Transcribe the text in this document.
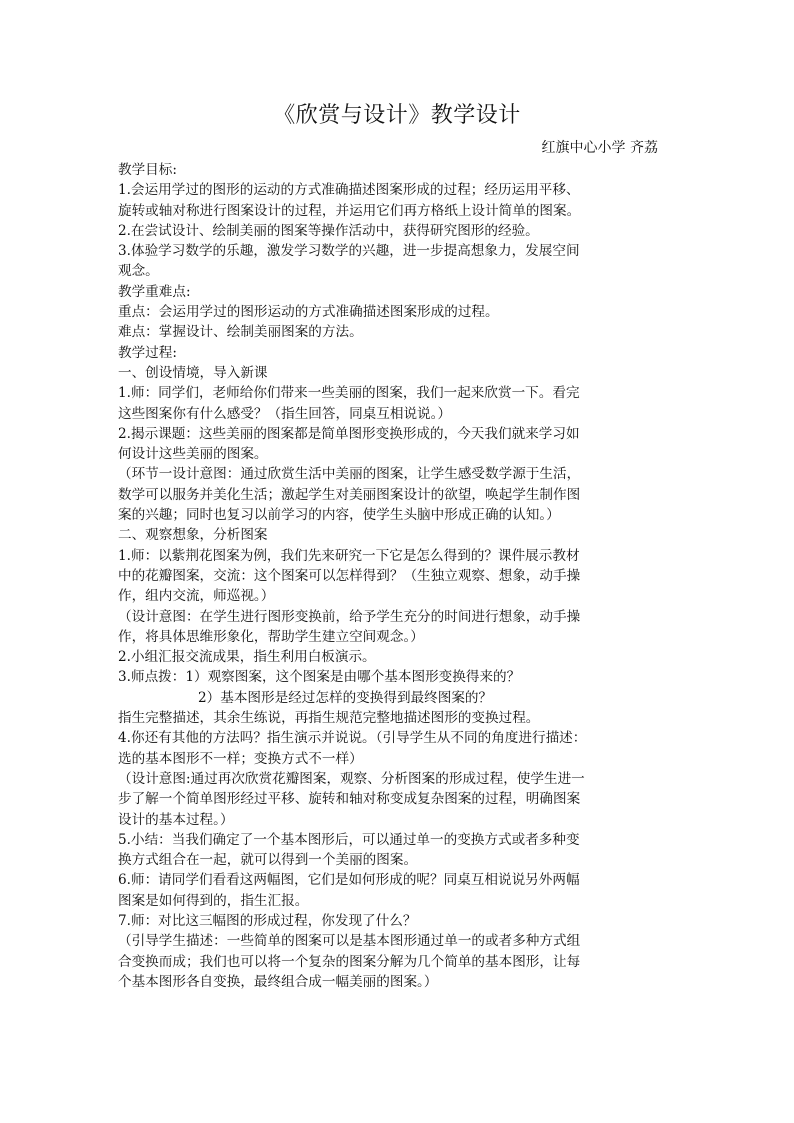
《欣赏与设计》教学设计
红旗中心小学 齐荔
教学目标:
1.会运用学过的图形的运动的方式准确描述图案形成的过程；经历运用平移、
旋转或轴对称进行图案设计的过程，并运用它们再方格纸上设计简单的图案。
2.在尝试设计、绘制美丽的图案等操作活动中，获得研究图形的经验。
3.体验学习数学的乐趣，激发学习数学的兴趣，进一步提高想象力，发展空间
观念。
教学重难点:
重点：会运用学过的图形运动的方式准确描述图案形成的过程。
难点：掌握设计、绘制美丽图案的方法。
教学过程:
一、创设情境，导入新课
1.师：同学们，老师给你们带来一些美丽的图案，我们一起来欣赏一下。看完
这些图案你有什么感受？（指生回答，同桌互相说说。）
2.揭示课题：这些美丽的图案都是简单图形变换形成的，今天我们就来学习如
何设计这些美丽的图案。
（环节一设计意图：通过欣赏生活中美丽的图案，让学生感受数学源于生活，
数学可以服务并美化生活；激起学生对美丽图案设计的欲望，唤起学生制作图
案的兴趣；同时也复习以前学习的内容，使学生头脑中形成正确的认知。）
二、观察想象，分析图案
1.师：以紫荆花图案为例，我们先来研究一下它是怎么得到的？课件展示教材
中的花瓣图案，交流：这个图案可以怎样得到？（生独立观察、想象，动手操
作，组内交流，师巡视。）
（设计意图：在学生进行图形变换前，给予学生充分的时间进行想象，动手操
作，将具体思维形象化，帮助学生建立空间观念。）
2.小组汇报交流成果，指生利用白板演示。
3.师点拨：1）观察图案，这个图案是由哪个基本图形变换得来的？
2）基本图形是经过怎样的变换得到最终图案的？
指生完整描述，其余生练说，再指生规范完整地描述图形的变换过程。
4.你还有其他的方法吗？指生演示并说说。（引导学生从不同的角度进行描述：
选的基本图形不一样；变换方式不一样）
（设计意图:通过再次欣赏花瓣图案，观察、分析图案的形成过程，使学生进一
步了解一个简单图形经过平移、旋转和轴对称变成复杂图案的过程，明确图案
设计的基本过程。）
5.小结：当我们确定了一个基本图形后，可以通过单一的变换方式或者多种变
换方式组合在一起，就可以得到一个美丽的图案。
6.师：请同学们看看这两幅图，它们是如何形成的呢？同桌互相说说另外两幅
图案是如何得到的，指生汇报。
7.师：对比这三幅图的形成过程，你发现了什么？
（引导学生描述：一些简单的图案可以是基本图形通过单一的或者多种方式组
合变换而成；我们也可以将一个复杂的图案分解为几个简单的基本图形，让每
个基本图形各自变换，最终组合成一幅美丽的图案。）
